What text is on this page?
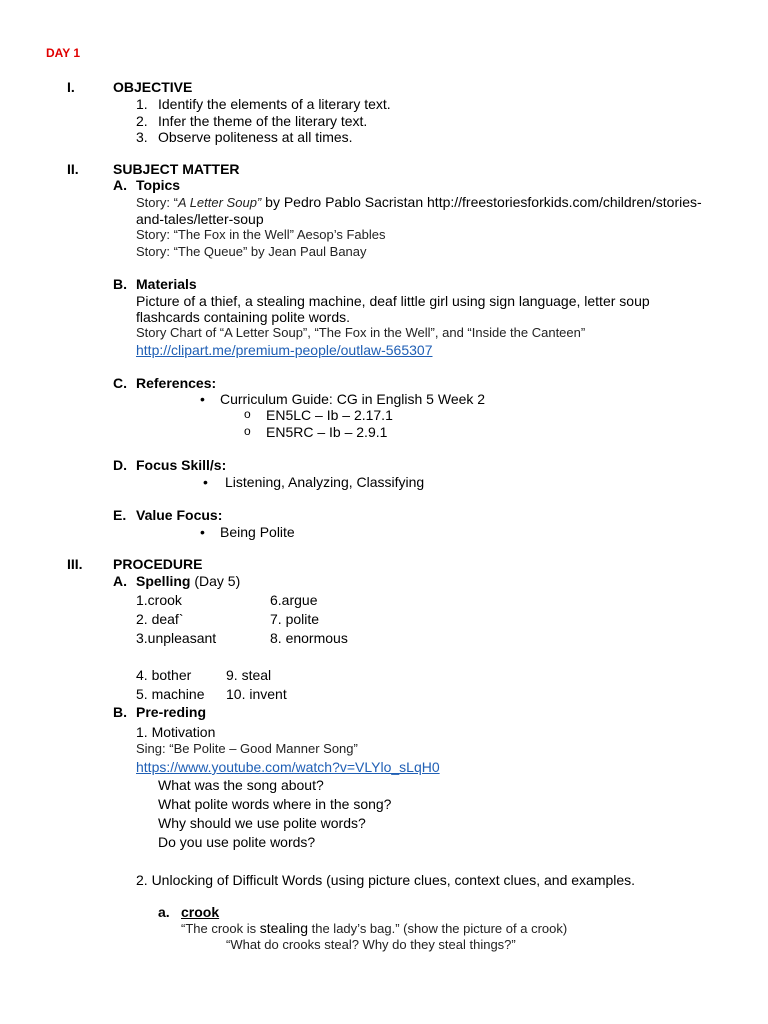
DAY 1
I.	OBJECTIVE
1. Identify the elements of a literary text.
2. Infer the theme of the literary text.
3. Observe politeness at all times.
II. SUBJECT MATTER
A. Topics
Story: “A Letter Soup” by Pedro Pablo Sacristan http://freestoriesforkids.com/children/stories-
and-tales/letter-soup
Story: “The Fox in the Well” Aesop’s Fables
Story: “The Queue” by Jean Paul Banay
B. Materials
Picture of a thief, a stealing machine, deaf little girl using sign language, letter soup
flashcards containing polite words.
Story Chart of “A Letter Soup”, “The Fox in the Well”, and “Inside the Canteen”
http://clipart.me/premium-people/outlaw-565307
C. References:
• Curriculum Guide: CG in English 5 Week 2
o EN5LC – Ib – 2.17.1
o EN5RC – Ib – 2.9.1
D. Focus Skill/s:
• Listening, Analyzing, Classifying
E. Value Focus:
• Being Polite
III. PROCEDURE
A. Spelling (Day 5)
1.crook
2. deaf`
3.unpleasant
6.argue
7. polite
8. enormous
4. bother
5. machine
9. steal
10. invent
B. Pre-reding
1. Motivation
Sing: “Be Polite – Good Manner Song”
https://www.youtube.com/watch?v=VLYlo_sLqH0
What was the song about?
What polite words where in the song?
Why should we use polite words?
Do you use polite words?
2. Unlocking of Difficult Words (using picture clues, context clues, and examples.
a. crook
“The crook is stealing the lady’s bag.” (show the picture of a crook)
“What do crooks steal? Why do they steal things?”
